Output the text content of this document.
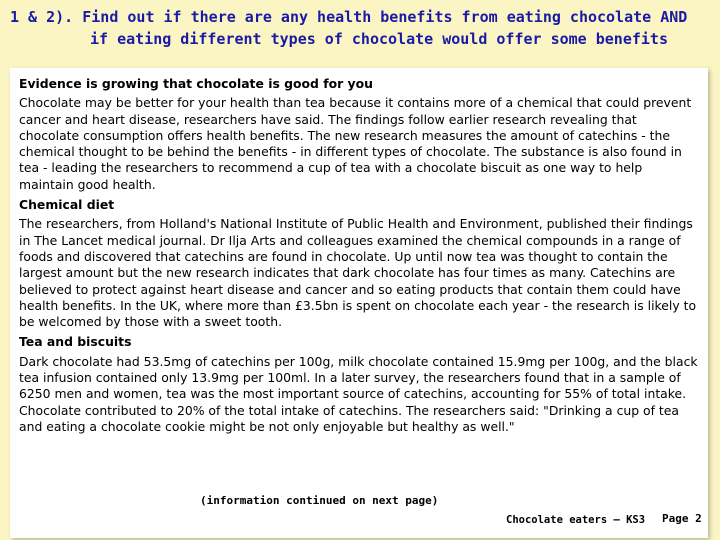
1 & 2). Find out if there are any health benefits from eating chocolate AND
if eating different types of chocolate would offer some benefits

Evidence is growing that chocolate is good for you

Chocolate may be better for your health than tea because it contains more of a chemical that could prevent cancer and heart disease, researchers have said. The findings follow earlier research revealing that chocolate consumption offers health benefits. The new research measures the amount of catechins - the chemical thought to be behind the benefits - in different types of chocolate. The substance is also found in tea - leading the researchers to recommend a cup of tea with a chocolate biscuit as one way to help maintain good health.

Chemical diet

The researchers, from Holland's National Institute of Public Health and Environment, published their findings in The Lancet medical journal. Dr Ilja Arts and colleagues examined the chemical compounds in a range of foods and discovered that catechins are found in chocolate. Up until now tea was thought to contain the largest amount but the new research indicates that dark chocolate has four times as many. Catechins are believed to protect against heart disease and cancer and so eating products that contain them could have health benefits. In the UK, where more than £3.5bn is spent on chocolate each year - the research is likely to be welcomed by those with a sweet tooth.

Tea and biscuits

Dark chocolate had 53.5mg of catechins per 100g, milk chocolate contained 15.9mg per 100g, and the black tea infusion contained only 13.9mg per 100ml. In a later survey, the researchers found that in a sample of 6250 men and women, tea was the most important source of catechins, accounting for 55% of total intake. Chocolate contributed to 20% of the total intake of catechins. The researchers said: "Drinking a cup of tea and eating a chocolate cookie might be not only enjoyable but healthy as well."

(information continued on next page)
Chocolate eaters – KS3 Page 2
